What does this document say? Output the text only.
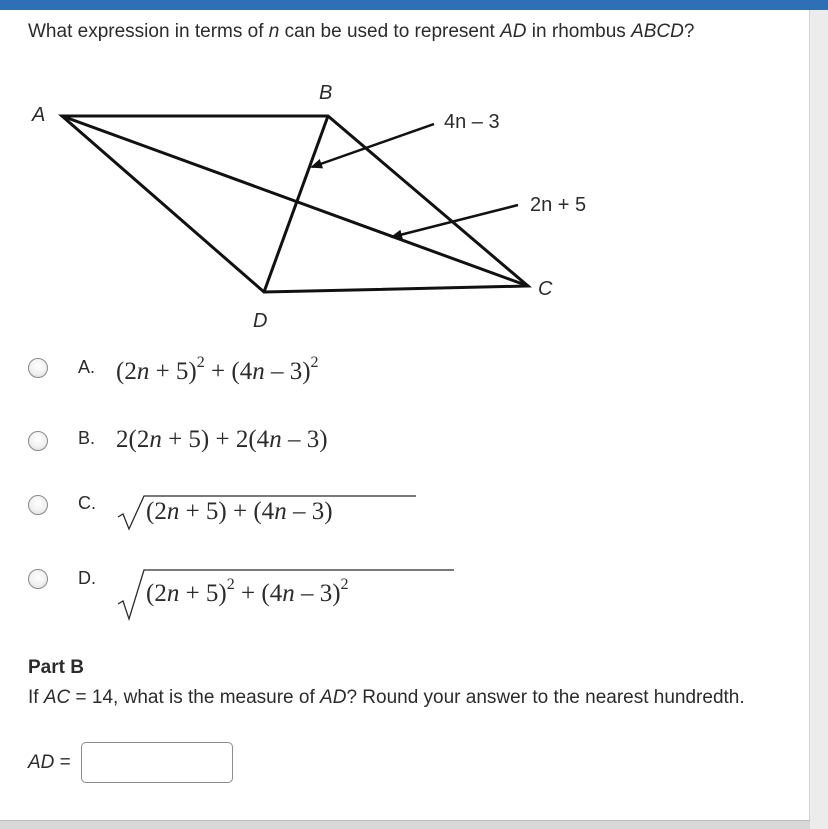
What expression in terms of n can be used to represent AD in rhombus ABCD?
A
B
C
D
4n – 3
2n + 5
A. $(2n + 5)^2 + (4n - 3)^2$
B. 2(2n + 5) + 2(4n – 3)
C. (2n + 5) + (4n – 3)
D.
$(2n + 5)^2 + (4n - 3)^2$
Part B
If AC = 14, what is the measure of AD? Round your answer to the nearest hundredth.
AD =
